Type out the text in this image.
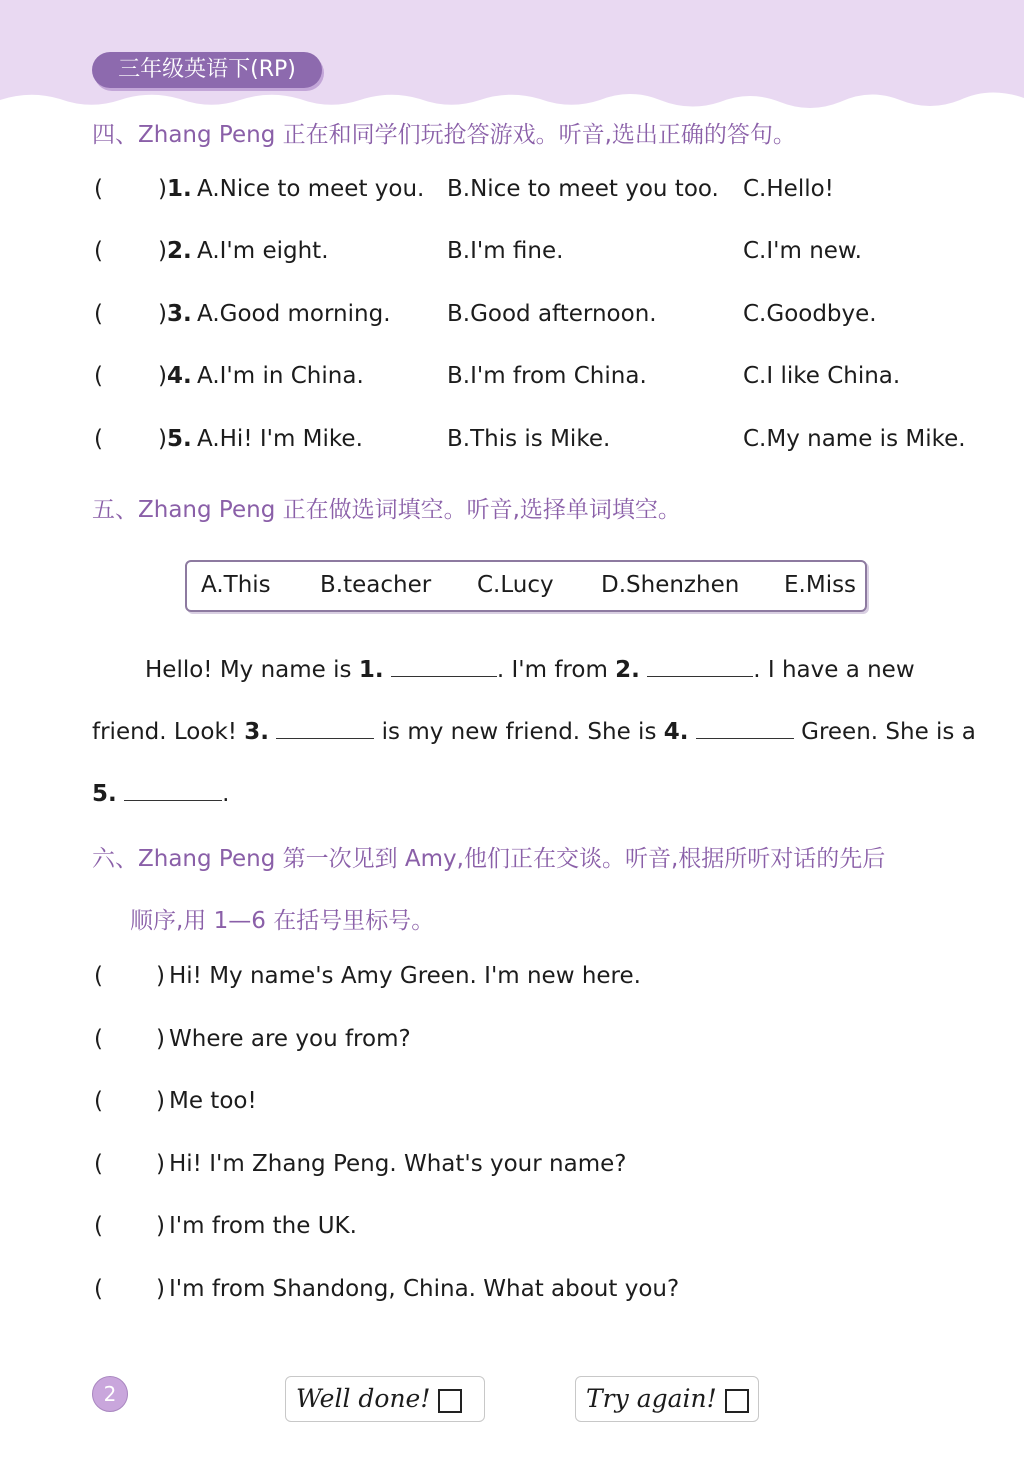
三年级英语下(RP)
四、Zhang Peng 正在和同学们玩抢答游戏。听音,选出正确的答句。
( )1. A.Nice to meet you. B.Nice to meet you too. C.Hello!
( )2. A.I'm eight.	B.I'm fine.	C.I'm new.
( )3. A.Good morning. B.Good afternoon.	C.Goodbye.
( )4. A.I'm in China.	B.I'm from China.	C.I like China.
( )5. A.Hi! I'm Mike.	B.This is Mike.	C.My name is Mike.
五、Zhang Peng 正在做选词填空。听音,选择单词填空。
A.This B.teacher C.Lucy D.Shenzhen E.Miss
Hello! My name is 1.	. I'm from 2.	. I have a new
friend. Look! 3.	is my new friend. She is 4.	Green. She is a
5.	.
六、Zhang Peng 第一次见到 Amy,他们正在交谈。听音,根据所听对话的先后
顺序,用 1—6 在括号里标号。
( ) Hi! My name's Amy Green. I'm new here.
( ) Where are you from?
( ) Me too!
( ) Hi! I'm Zhang Peng. What's your name?
( ) I'm from the UK.
( ) I'm from Shandong, China. What about you?
2	Well done!	Try again!
